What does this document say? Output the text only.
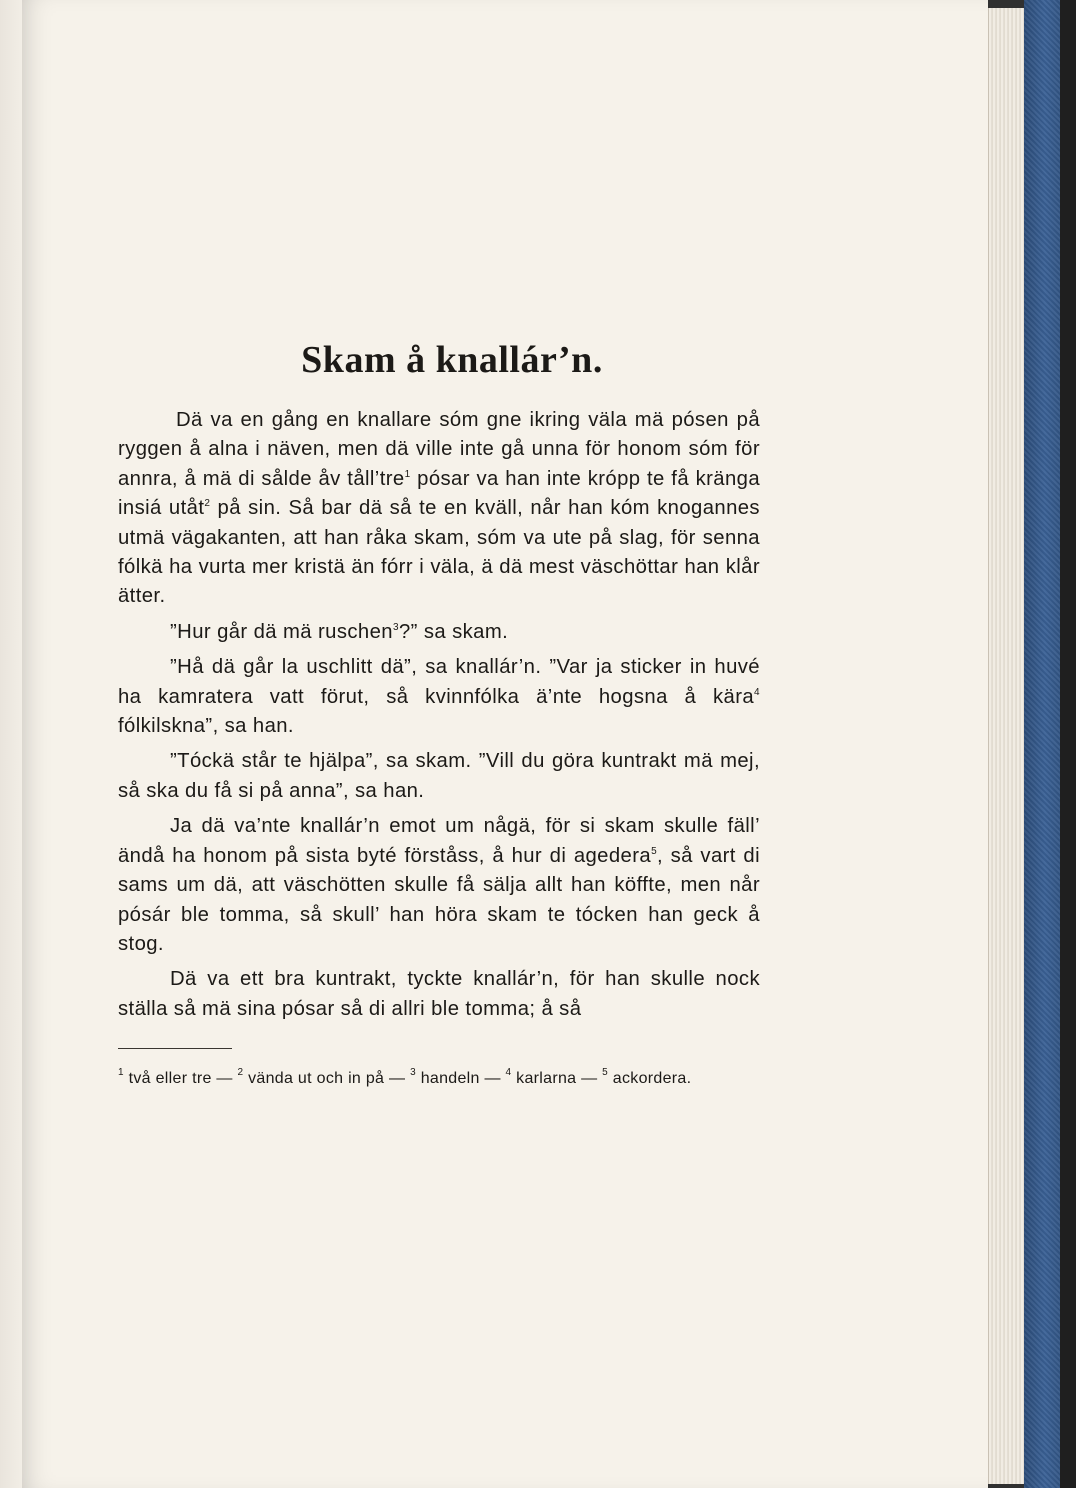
Skam å knallár’n.

Dä va en gång en knallare sóm gne ikring väla mä pósen på ryggen å alna i näven, men dä ville inte gå unna för honom sóm för annra, å mä di sålde åv tåll’tre$^1$ pósar va han inte krópp te få kränga insiá utåt$^2$ på sin. Så bar dä så te en kväll, når han kóm knogannes utmä vägakanten, att han råka skam, sóm va ute på slag, för senna fólkä ha vurta mer kristä än fórr i väla, ä dä mest väschöttar han klår ätter.

”Hur går dä mä ruschen$^3$?” sa skam.

”Hå dä går la uschlitt dä”, sa knallár’n. ”Var ja sticker in huvé ha kamratera vatt förut, så kvinnfólka ä’nte hogsna å kära$^4$ fólkilskna”, sa han.

”Tóckä står te hjälpa”, sa skam. ”Vill du göra kuntrakt mä mej, så ska du få si på anna”, sa han.

Ja dä va’nte knallár’n emot um någä, för si skam skulle fäll’ ändå ha honom på sista byté förståss, å hur di agedera$^5$, så vart di sams um dä, att väschötten skulle få sälja allt han köffte, men når pósár ble tomma, så skull’ han höra skam te tócken han geck å stog.

Dä va ett bra kuntrakt, tyckte knallár’n, för han skulle nock ställa så mä sina pósar så di allri ble tomma; å så

$^1$ två eller tre — $^2$ vända ut och in på — $^3$ handeln — $^4$ karlarna — $^5$ ackordera.
